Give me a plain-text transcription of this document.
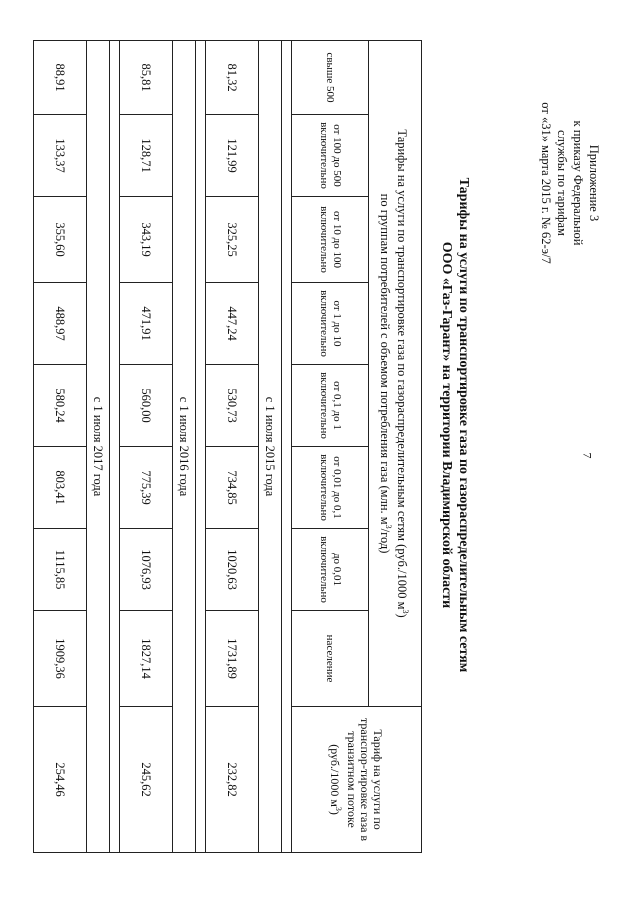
7
Приложение 3
к приказу Федеральной
службы по тарифам
от «31» марта 2015 г. № 62-э/7
Тарифы на услуги по транспортировке газа по газораспределительным сетям
ООО «Газ-Гарант» на территории Владимирской области
Тарифы на услуги по транспортировке газа по газораспределительным сетям (руб./1000 $м^3$)
по группам потребителей с объемом потребления газа (млн. $м^3/год$)								Тариф на услуги по транспор-тировке газа в транзитном потоке (руб./1000 $м^3$)
свыше 500	от 100 до 500 включительно	от 10 до 100 включительно	от 1 до 10 включительно	от 0,1 до 1 включительно	от 0,01 до 0,1 включительно	до 0,01 включительно	население	

с 1 июля 2015 года								
81,32	121,99	325,25	447,24	530,73	734,85	1020,63	1731,89	232,82

с 1 июля 2016 года								
85,81	128,71	343,19	471,91	560,00	775,39	1076,93	1827,14	245,62

с 1 июля 2017 года								
88,91	133,37	355,60	488,97	580,24	803,41	1115,85	1909,36	254,46
